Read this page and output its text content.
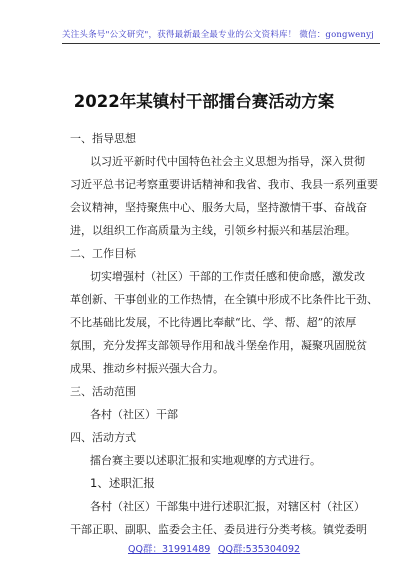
关注头条号"公文研究"，获得最新最全最专业的公文资料库！ 微信：gongwenyj
2022年某镇村干部擂台赛活动方案
一、指导思想
以习近平新时代中国特色社会主义思想为指导，深入贯彻
习近平总书记考察重要讲话精神和我省、我市、我县一系列重要
会议精神，坚持聚焦中心、服务大局，坚持激情干事、奋战奋
进，以组织工作高质量为主线，引领乡村振兴和基层治理。
二、工作目标
切实增强村（社区）干部的工作责任感和使命感，激发改
革创新、干事创业的工作热情，在全镇中形成不比条件比干劲、
不比基础比发展，不比待遇比奉献“比、学、帮、超”的浓厚
氛围，充分发挥支部领导作用和战斗堡垒作用，凝聚巩固脱贫
成果、推动乡村振兴强大合力。
三、活动范围
各村（社区）干部
四、活动方式
擂台赛主要以述职汇报和实地观摩的方式进行。
1、述职汇报
各村（社区）干部集中进行述职汇报，对辖区村（社区）
干部正职、副职、监委会主任、委员进行分类考核。镇党委明
QQ群：31991489 QQ群:535304092
